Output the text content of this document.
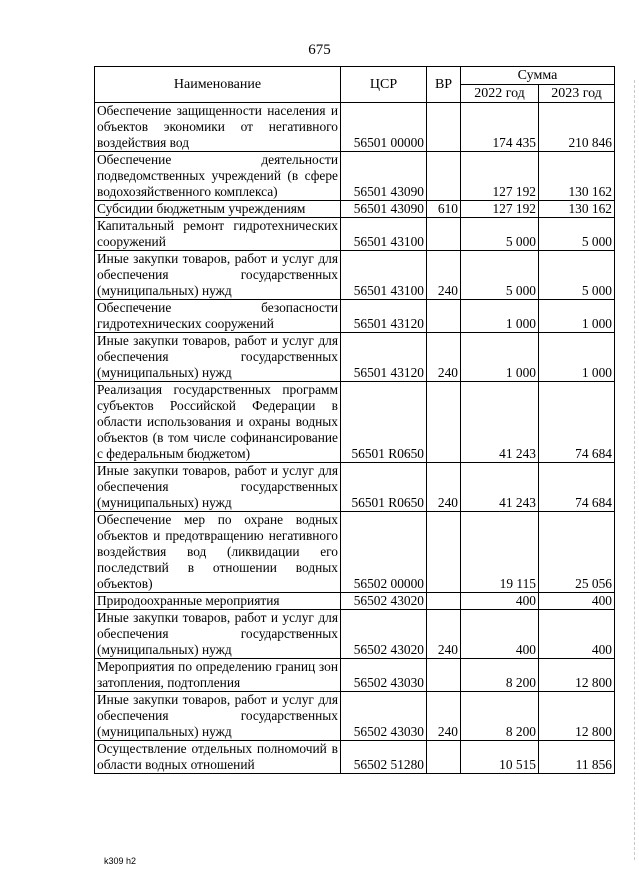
675
Наименование	ЦСР	ВР	Сумма	
			2022 год	2023 год
Обеспечение защищенности населения и объектов экономики от негативного воздействия вод	56501 00000		174 435	210 846
Обеспечение деятельности подведомственных учреждений (в сфере водохозяйственного комплекса)	56501 43090		127 192	130 162
Субсидии бюджетным учреждениям	56501 43090	610	127 192	130 162
Капитальный ремонт гидротехнических сооружений	56501 43100		5 000	5 000
Иные закупки товаров, работ и услуг для обеспечения государственных (муниципальных) нужд	56501 43100	240	5 000	5 000
Обеспечение безопасности гидротехнических сооружений	56501 43120		1 000	1 000
Иные закупки товаров, работ и услуг для обеспечения государственных (муниципальных) нужд	56501 43120	240	1 000	1 000
Реализация государственных программ субъектов Российской Федерации в области использования и охраны водных объектов (в том числе софинансирование с федеральным бюджетом)	56501 R0650		41 243	74 684
Иные закупки товаров, работ и услуг для обеспечения государственных (муниципальных) нужд	56501 R0650	240	41 243	74 684
Обеспечение мер по охране водных объектов и предотвращению негативного воздействия вод (ликвидации его последствий в отношении водных объектов)	56502 00000		19 115	25 056
Природоохранные мероприятия	56502 43020		400	400
Иные закупки товаров, работ и услуг для обеспечения государственных (муниципальных) нужд	56502 43020	240	400	400
Мероприятия по определению границ зон затопления, подтопления	56502 43030		8 200	12 800
Иные закупки товаров, работ и услуг для обеспечения государственных (муниципальных) нужд	56502 43030	240	8 200	12 800
Осуществление отдельных полномочий в области водных отношений	56502 51280		10 515	11 856
k309 h2
